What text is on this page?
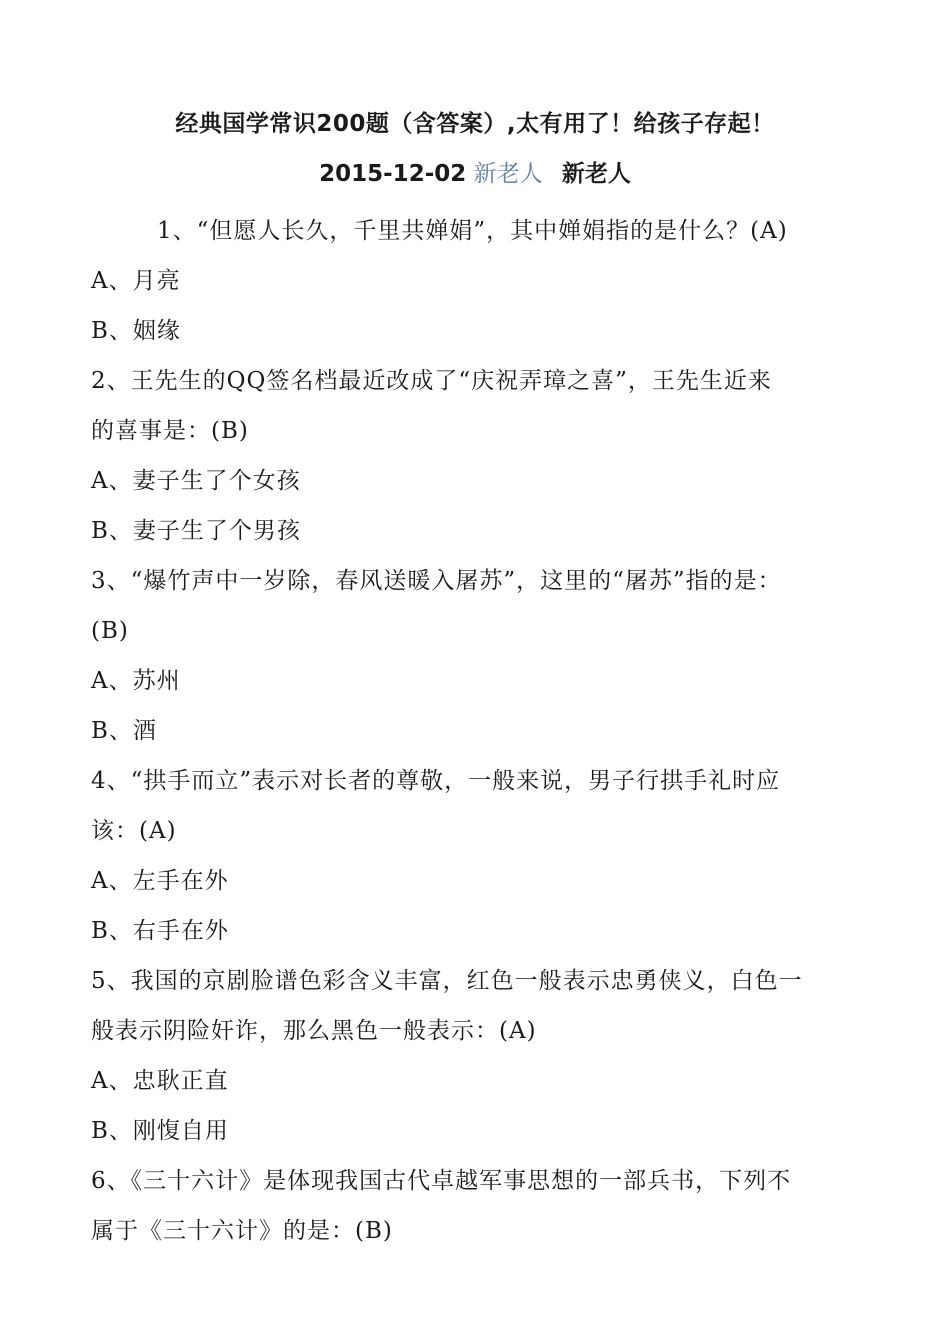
经典国学常识200题（含答案）,太有用了！给孩子存起！
2015-12-02 新老人 新老人
1、“但愿人长久，千里共婵娟”，其中婵娟指的是什么？(A)
A、月亮
B、姻缘
2、王先生的QQ签名档最近改成了“庆祝弄璋之喜”，王先生近来
的喜事是：(B)
A、妻子生了个女孩
B、妻子生了个男孩
3、“爆竹声中一岁除，春风送暖入屠苏”，这里的“屠苏”指的是：
(B)
A、苏州
B、酒
4、“拱手而立”表示对长者的尊敬，一般来说，男子行拱手礼时应
该：(A)
A、左手在外
B、右手在外
5、我国的京剧脸谱色彩含义丰富，红色一般表示忠勇侠义，白色一
般表示阴险奸诈，那么黑色一般表示：(A)
A、忠耿正直
B、刚愎自用
6、《三十六计》是体现我国古代卓越军事思想的一部兵书，下列不
属于《三十六计》的是：(B)
